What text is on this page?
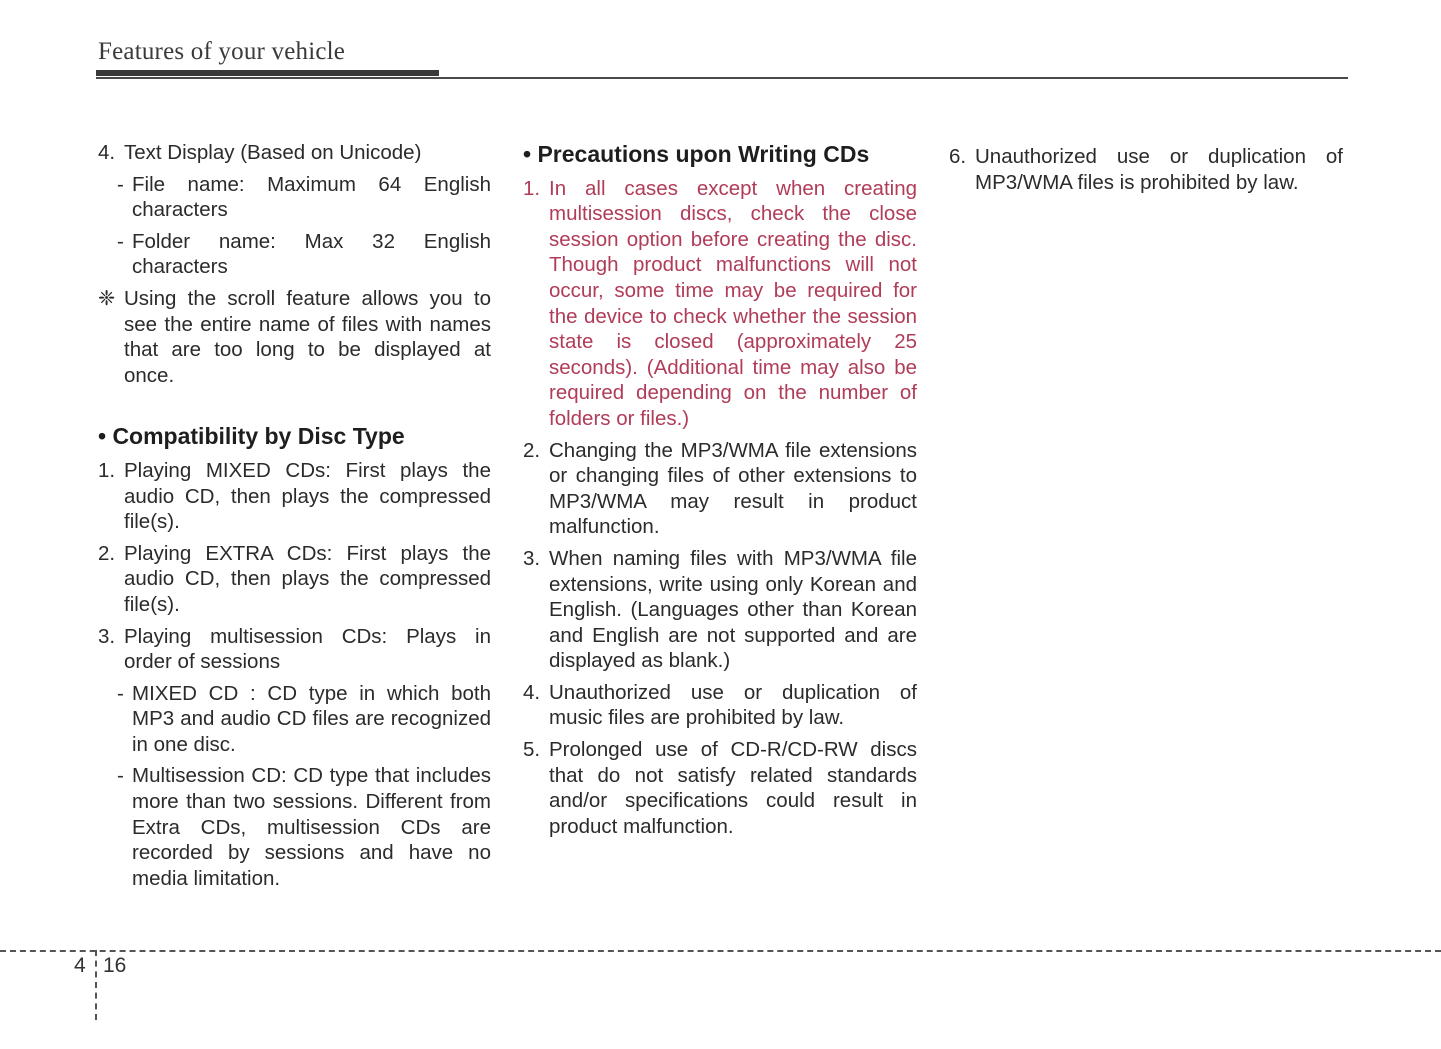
Features of your vehicle
4. Text Display (Based on Unicode)
- File name: Maximum 64 English characters
- Folder name: Max 32 English characters
❈ Using the scroll feature allows you to see the entire name of files with names that are too long to be displayed at once.
• Compatibility by Disc Type
1. Playing MIXED CDs: First plays the audio CD, then plays the compressed file(s).
2. Playing EXTRA CDs: First plays the audio CD, then plays the compressed file(s).
3. Playing multisession CDs: Plays in order of sessions
- MIXED CD : CD type in which both MP3 and audio CD files are recognized in one disc.
- Multisession CD: CD type that includes more than two sessions. Different from Extra CDs, multisession CDs are recorded by sessions and have no media limitation.
• Precautions upon Writing CDs
1. In all cases except when creating multisession discs, check the close session option before creating the disc. Though product malfunctions will not occur, some time may be required for the device to check whether the session state is closed (approximately 25 seconds). (Additional time may also be required depending on the number of folders or files.)
2. Changing the MP3/WMA file extensions or changing files of other extensions to MP3/WMA may result in product malfunction.
3. When naming files with MP3/WMA file extensions, write using only Korean and English. (Languages other than Korean and English are not supported and are displayed as blank.)
4. Unauthorized use or duplication of music files are prohibited by law.
5. Prolonged use of CD-R/CD-RW discs that do not satisfy related standards and/or specifications could result in product malfunction.
6. Unauthorized use or duplication of MP3/WMA files is prohibited by law.
4 16
